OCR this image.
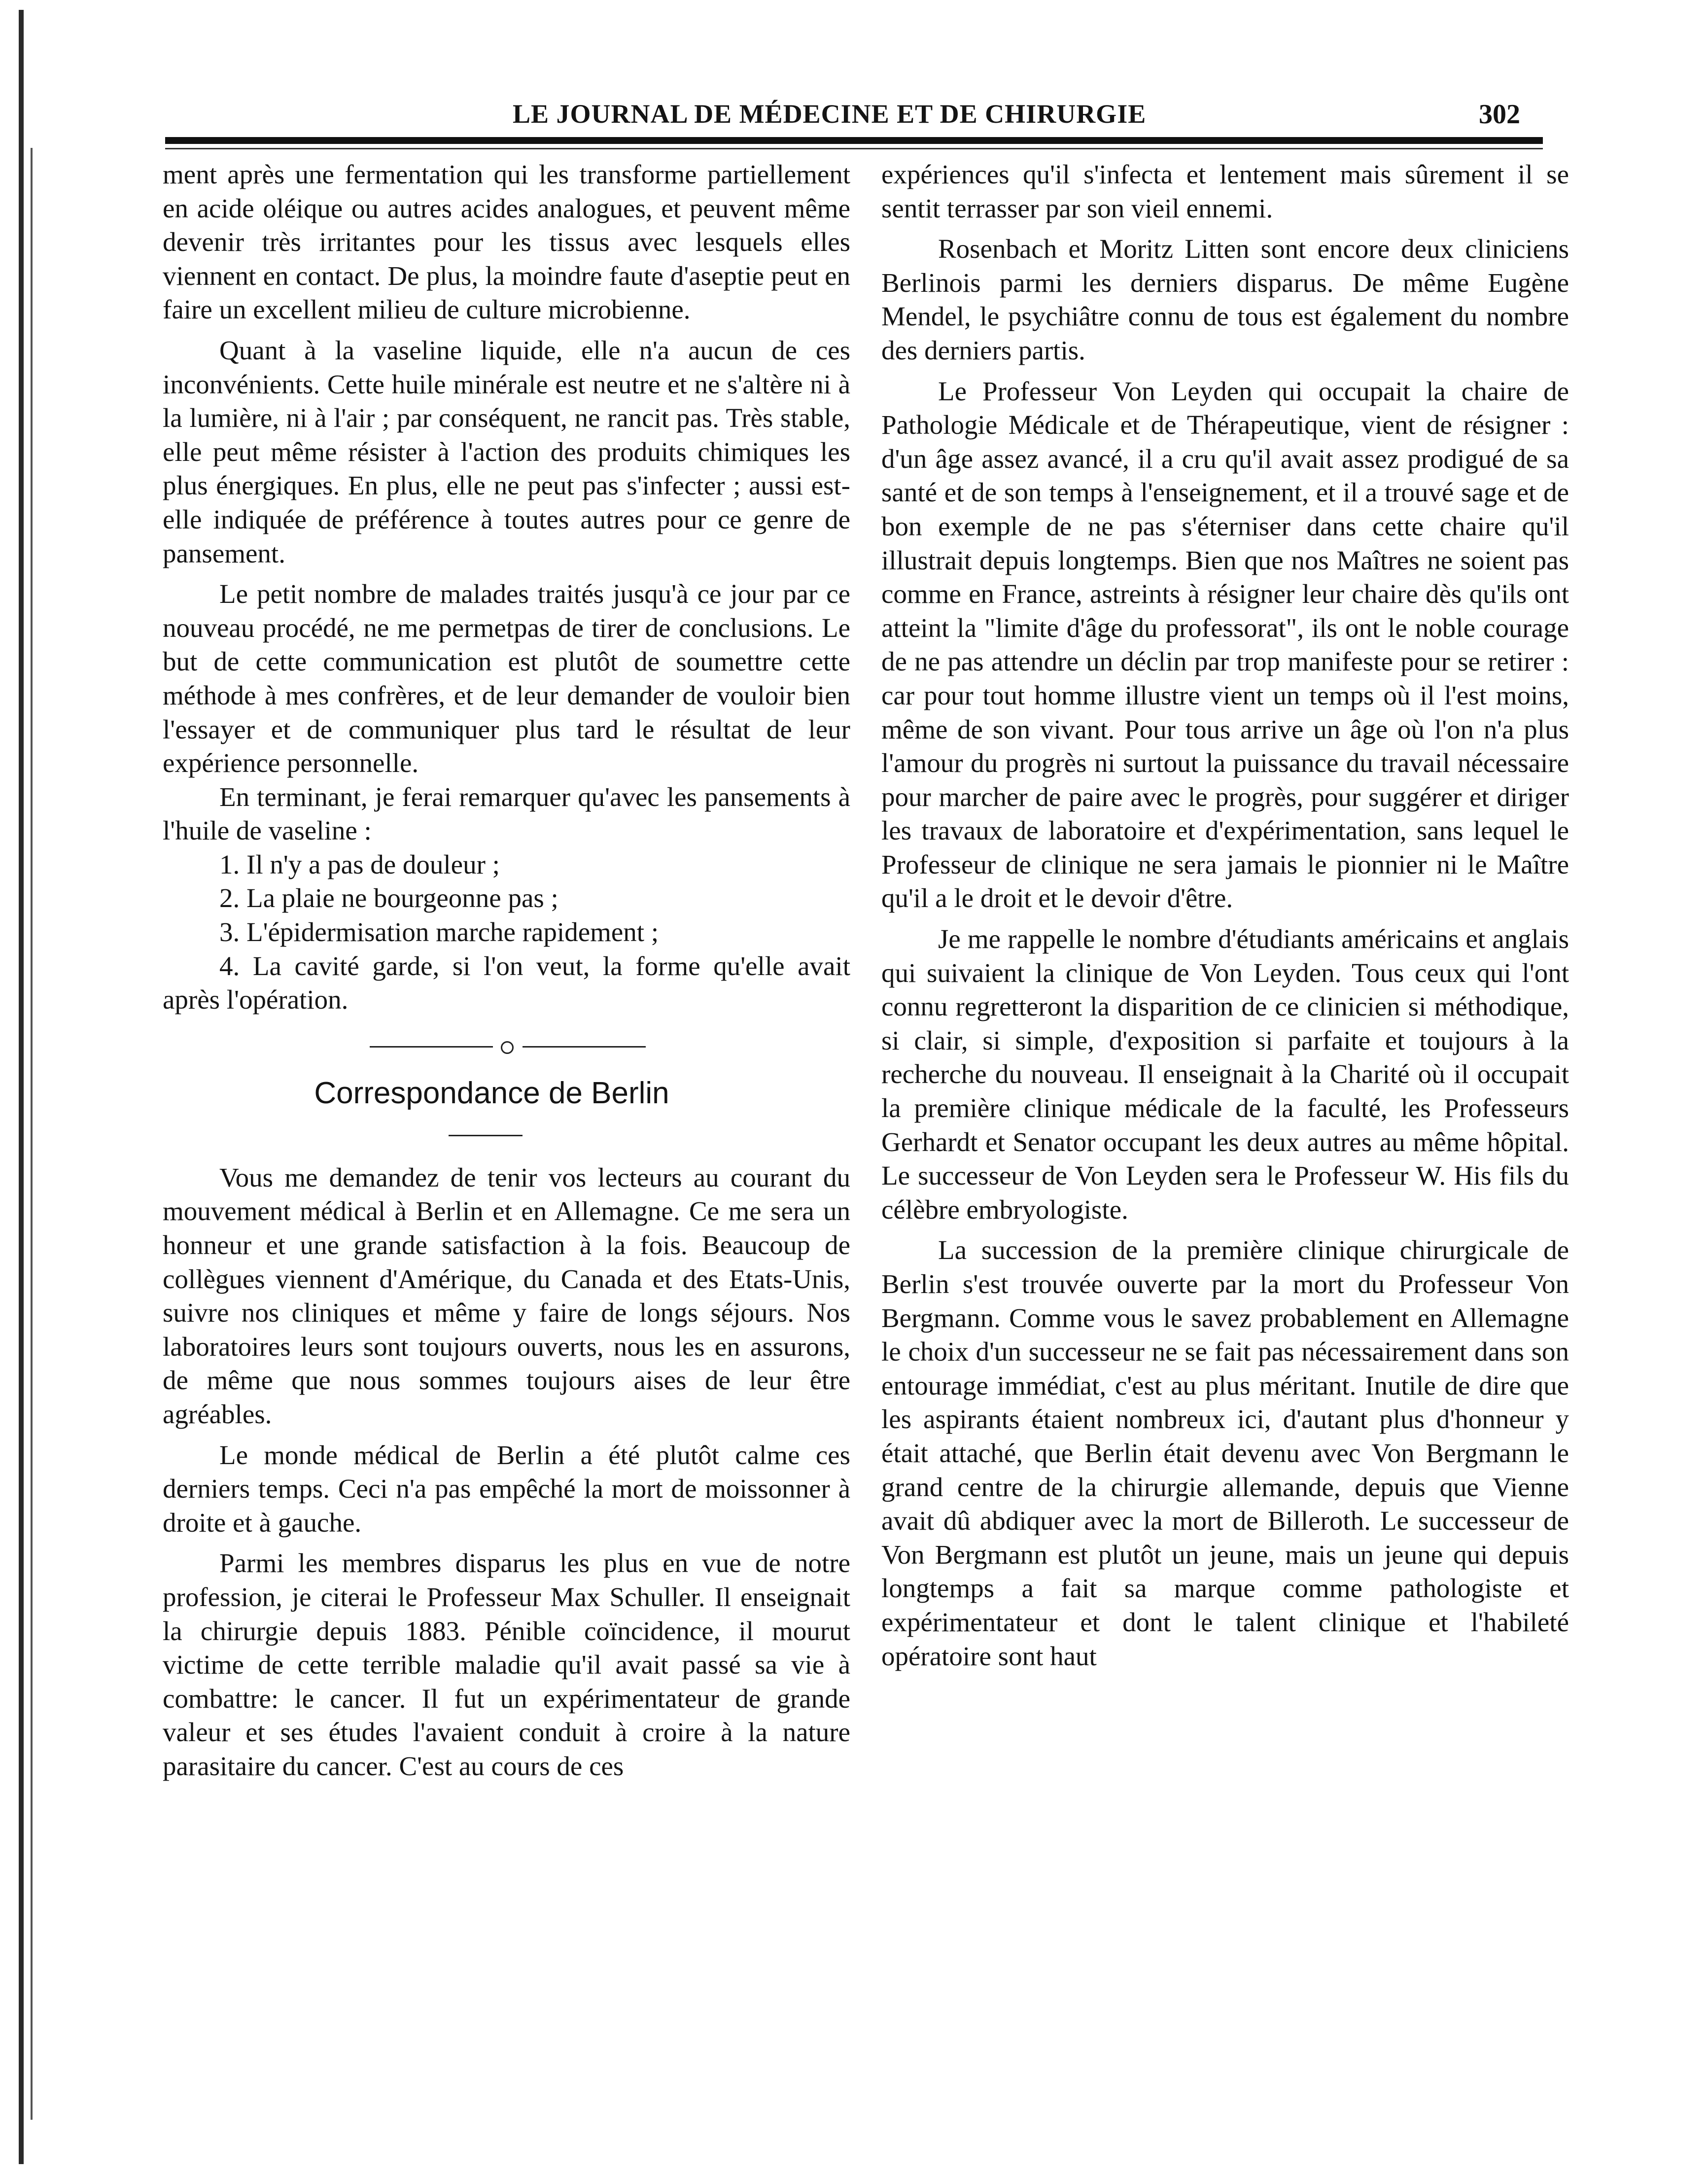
LE JOURNAL DE MÉDECINE ET DE CHIRURGIE	302

ment après une fermentation qui les transforme partiellement en acide oléique ou autres acides analogues, et peuvent même devenir très irritantes pour les tissus avec lesquels elles viennent en contact. De plus, la moindre faute d'aseptie peut en faire un excellent milieu de culture microbienne.

Quant à la vaseline liquide, elle n'a aucun de ces inconvénients. Cette huile minérale est neutre et ne s'altère ni à la lumière, ni à l'air ; par conséquent, ne rancit pas. Très stable, elle peut même résister à l'action des produits chimiques les plus énergiques. En plus, elle ne peut pas s'infecter ; aussi est-elle indiquée de préférence à toutes autres pour ce genre de pansement.

Le petit nombre de malades traités jusqu'à ce jour par ce nouveau procédé, ne me permetpas de tirer de conclusions. Le but de cette communication est plutôt de soumettre cette méthode à mes confrères, et de leur demander de vouloir bien l'essayer et de communiquer plus tard le résultat de leur expérience personnelle.

En terminant, je ferai remarquer qu'avec les pansements à l'huile de vaseline :

1. Il n'y a pas de douleur ;
2. La plaie ne bourgeonne pas ;
3. L'épidermisation marche rapidement ;

4. La cavité garde, si l'on veut, la forme qu'elle avait après l'opération.

Correspondance de Berlin

Vous me demandez de tenir vos lecteurs au courant du mouvement médical à Berlin et en Allemagne. Ce me sera un honneur et une grande satisfaction à la fois. Beaucoup de collègues viennent d'Amérique, du Canada et des Etats-Unis, suivre nos cliniques et même y faire de longs séjours. Nos laboratoires leurs sont toujours ouverts, nous les en assurons, de même que nous sommes toujours aises de leur être agréables.

Le monde médical de Berlin a été plutôt calme ces derniers temps. Ceci n'a pas empêché la mort de moissonner à droite et à gauche.

Parmi les membres disparus les plus en vue de notre profession, je citerai le Professeur Max Schuller. Il enseignait la chirurgie depuis 1883. Pénible coïncidence, il mourut victime de cette terrible maladie qu'il avait passé sa vie à combattre: le cancer. Il fut un expérimentateur de grande valeur et ses études l'avaient conduit à croire à la nature parasitaire du cancer. C'est au cours de ces

expériences qu'il s'infecta et lentement mais sûrement il se sentit terrasser par son vieil ennemi.

Rosenbach et Moritz Litten sont encore deux cliniciens Berlinois parmi les derniers disparus. De même Eugène Mendel, le psychiâtre connu de tous est également du nombre des derniers partis.

Le Professeur Von Leyden qui occupait la chaire de Pathologie Médicale et de Thérapeutique, vient de résigner : d'un âge assez avancé, il a cru qu'il avait assez prodigué de sa santé et de son temps à l'enseignement, et il a trouvé sage et de bon exemple de ne pas s'éterniser dans cette chaire qu'il illustrait depuis longtemps. Bien que nos Maîtres ne soient pas comme en France, astreints à résigner leur chaire dès qu'ils ont atteint la "limite d'âge du professorat", ils ont le noble courage de ne pas attendre un déclin par trop manifeste pour se retirer : car pour tout homme illustre vient un temps où il l'est moins, même de son vivant. Pour tous arrive un âge où l'on n'a plus l'amour du progrès ni surtout la puissance du travail nécessaire pour marcher de paire avec le progrès, pour suggérer et diriger les travaux de laboratoire et d'expérimentation, sans lequel le Professeur de clinique ne sera jamais le pionnier ni le Maître qu'il a le droit et le devoir d'être.

Je me rappelle le nombre d'étudiants américains et anglais qui suivaient la clinique de Von Leyden. Tous ceux qui l'ont connu regretteront la disparition de ce clinicien si méthodique, si clair, si simple, d'exposition si parfaite et toujours à la recherche du nouveau. Il enseignait à la Charité où il occupait la première clinique médicale de la faculté, les Professeurs Gerhardt et Senator occupant les deux autres au même hôpital. Le successeur de Von Leyden sera le Professeur W. His fils du célèbre embryologiste.

La succession de la première clinique chirurgicale de Berlin s'est trouvée ouverte par la mort du Professeur Von Bergmann. Comme vous le savez probablement en Allemagne le choix d'un successeur ne se fait pas nécessairement dans son entourage immédiat, c'est au plus méritant. Inutile de dire que les aspirants étaient nombreux ici, d'autant plus d'honneur y était attaché, que Berlin était devenu avec Von Bergmann le grand centre de la chirurgie allemande, depuis que Vienne avait dû abdiquer avec la mort de Billeroth. Le successeur de Von Bergmann est plutôt un jeune, mais un jeune qui depuis longtemps a fait sa marque comme pathologiste et expérimentateur et dont le talent clinique et l'habileté opératoire sont haut
